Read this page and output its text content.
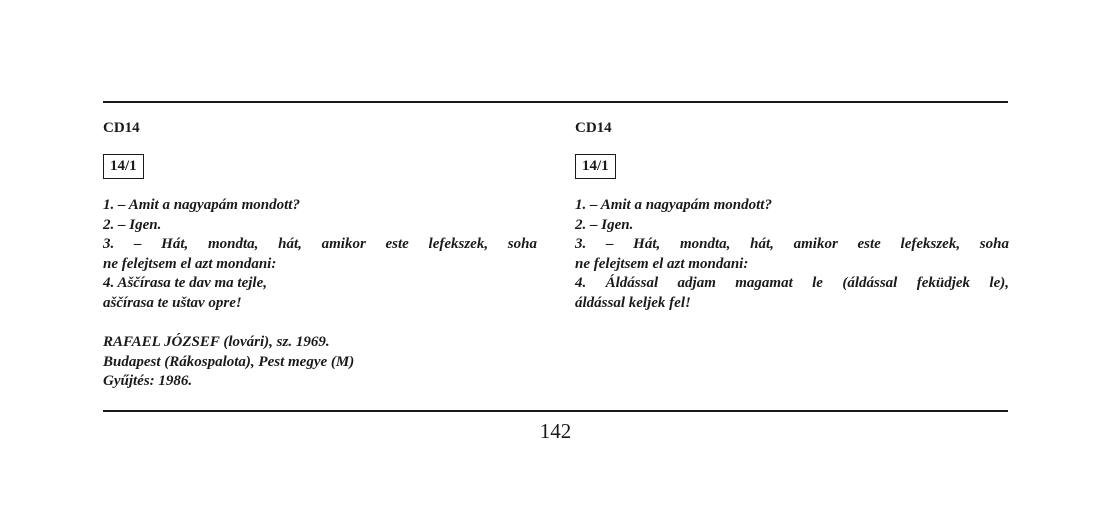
CD14

14/1
1. – Amit a nagyapám mondott?
2. – Igen.
3. – Hát, mondta, hát, amikor este lefekszek, soha
ne felejtsem el azt mondani:
4. Aščírasa te dav ma tejle,
aščírasa te uštav opre!
RAFAEL JÓZSEF (lovári), sz. 1969.
Budapest (Rákospalota), Pest megye (M)
Gyűjtés: 1986.

CD14

14/1
1. – Amit a nagyapám mondott?
2. – Igen.
3. – Hát, mondta, hát, amikor este lefekszek, soha
ne felejtsem el azt mondani:
4. Áldással adjam magamat le (áldással feküdjek le),
áldással keljek fel!
142
